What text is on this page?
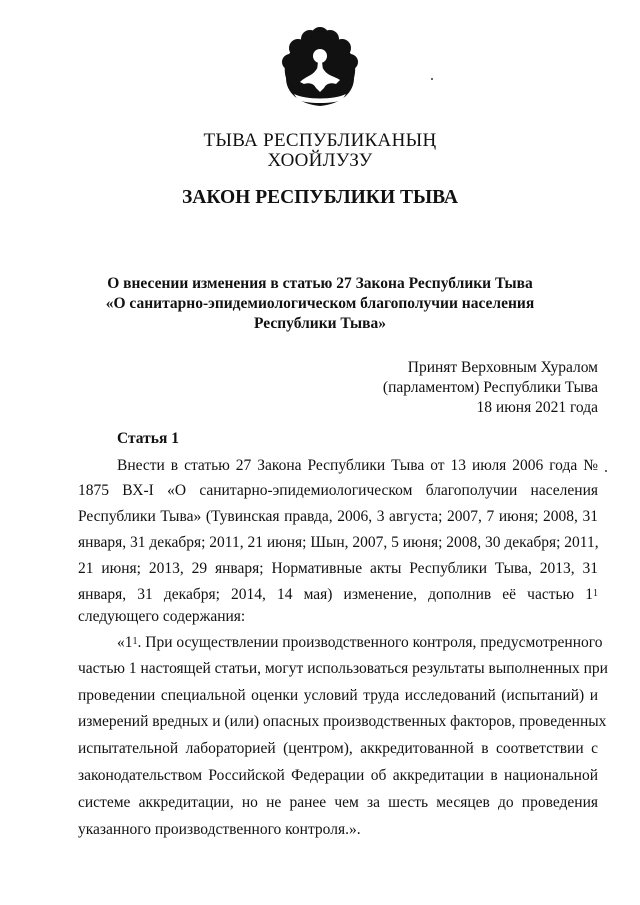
ТЫВА РЕСПУБЛИКАНЫҢ
ХООЙЛУЗУ
ЗАКОН РЕСПУБЛИКИ ТЫВА
О внесении изменения в статью 27 Закона Республики Тыва
«О санитарно-эпидемиологическом благополучии населения
Республики Тыва»
Принят Верховным Хуралом
(парламентом) Республики Тыва
18 июня 2021 года
Статья 1
Внести в статью 27 Закона Республики Тыва от 13 июля 2006 года №
1875 ВХ-I «О санитарно-эпидемиологическом благополучии населения
Республики Тыва» (Тувинская правда, 2006, 3 августа; 2007, 7 июня; 2008, 31
января, 31 декабря; 2011, 21 июня; Шын, 2007, 5 июня; 2008, 30 декабря; 2011,
21 июня; 2013, 29 января; Нормативные акты Республики Тыва, 2013, 31
января, 31 декабря; 2014, 14 мая) изменение, дополнив её частью $1^1$
следующего содержания:
«$1^1$. При осуществлении производственного контроля, предусмотренного
частью 1 настоящей статьи, могут использоваться результаты выполненных при
проведении специальной оценки условий труда исследований (испытаний) и
измерений вредных и (или) опасных производственных факторов, проведенных
испытательной лабораторией (центром), аккредитованной в соответствии с
законодательством Российской Федерации об аккредитации в национальной
системе аккредитации, но не ранее чем за шесть месяцев до проведения
указанного производственного контроля.».
